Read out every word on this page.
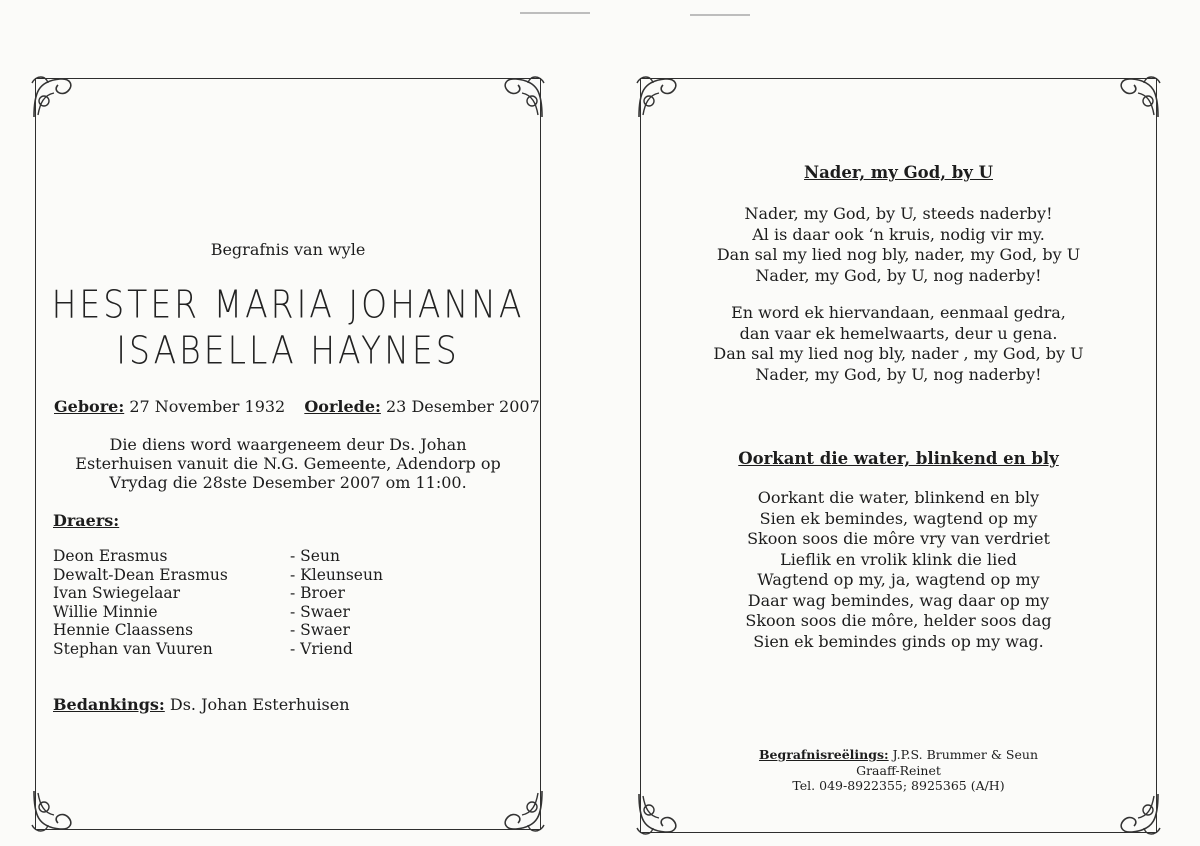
Begrafnis van wyle
HESTER MARIA JOHANNA
ISABELLA HAYNES
Gebore: 27 November 1932 Oorlede: 23 Desember 2007
Die diens word waargeneem deur Ds. Johan Esterhuisen vanuit die N.G. Gemeente, Adendorp op Vrydag die 28ste Desember 2007 om 11:00.
Draers:
Deon Erasmus	- Seun
Dewalt-Dean Erasmus	- Kleunseun
Ivan Swiegelaar	- Broer
Willie Minnie	- Swaer
Hennie Claassens	- Swaer
Stephan van Vuuren	- Vriend
Bedankings: Ds. Johan Esterhuisen
Nader, my God, by U
Nader, my God, by U, steeds naderby!
Al is daar ook ‘n kruis, nodig vir my.
Dan sal my lied nog bly, nader, my God, by U
Nader, my God, by U, nog naderby!
En word ek hiervandaan, eenmaal gedra,
dan vaar ek hemelwaarts, deur u gena.
Dan sal my lied nog bly, nader , my God, by U
Nader, my God, by U, nog naderby!
Oorkant die water, blinkend en bly
Oorkant die water, blinkend en bly
Sien ek bemindes, wagtend op my
Skoon soos die môre vry van verdriet
Lieflik en vrolik klink die lied
Wagtend op my, ja, wagtend op my
Daar wag bemindes, wag daar op my
Skoon soos die môre, helder soos dag
Sien ek bemindes ginds op my wag.
Begrafnisreëlings: J.P.S. Brummer & Seun
Graaff-Reinet
Tel. 049-8922355; 8925365 (A/H)
